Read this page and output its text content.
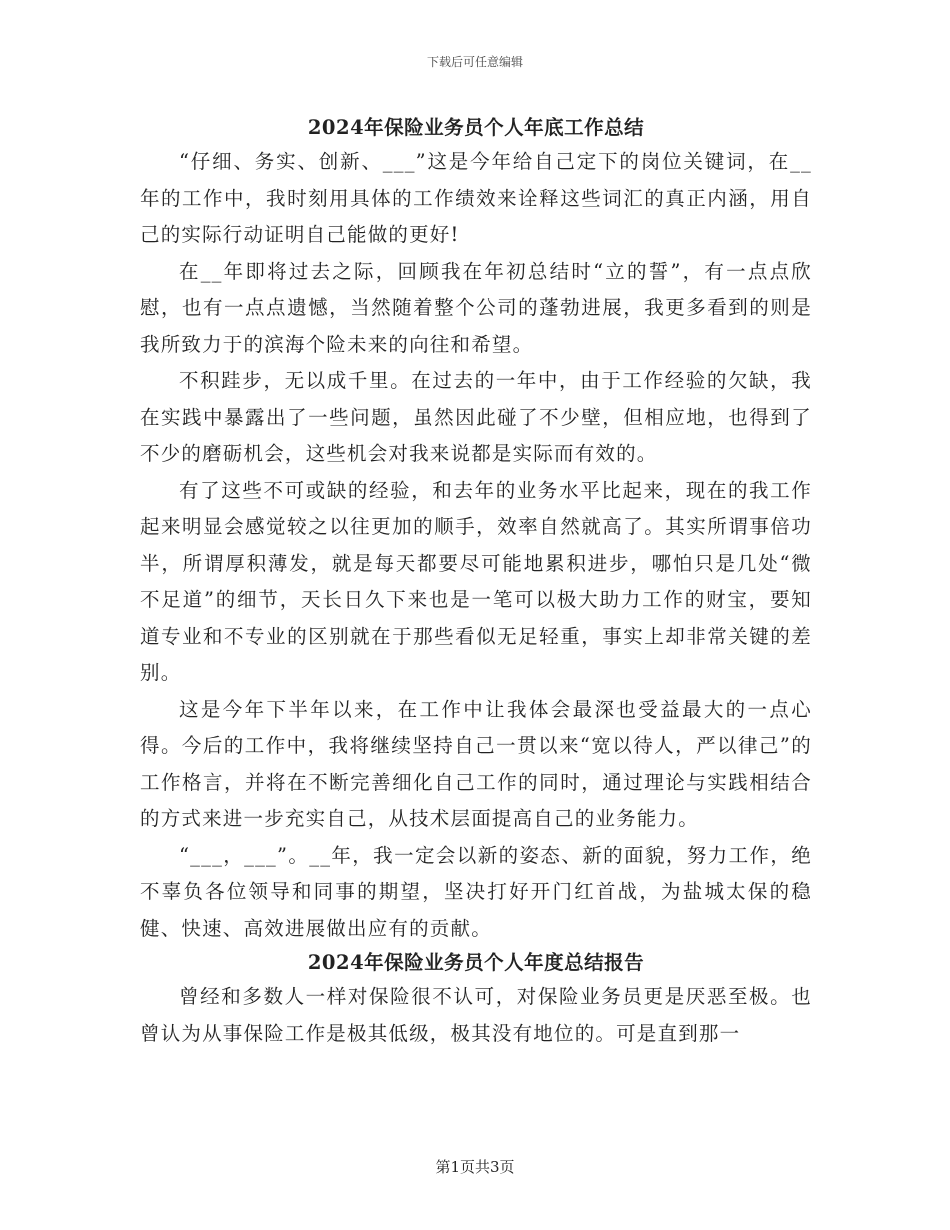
下载后可任意编辑
2024年保险业务员个人年底工作总结

“仔细、务实、创新、___”这是今年给自己定下的岗位关键词，在__年的工作中，我时刻用具体的工作绩效来诠释这些词汇的真正内涵，用自己的实际行动证明自己能做的更好!

在__年即将过去之际，回顾我在年初总结时“立的誓”，有一点点欣慰，也有一点点遗憾，当然随着整个公司的蓬勃进展，我更多看到的则是我所致力于的滨海个险未来的向往和希望。

不积跬步，无以成千里。在过去的一年中，由于工作经验的欠缺，我在实践中暴露出了一些问题，虽然因此碰了不少壁，但相应地，也得到了不少的磨砺机会，这些机会对我来说都是实际而有效的。

有了这些不可或缺的经验，和去年的业务水平比起来，现在的我工作起来明显会感觉较之以往更加的顺手，效率自然就高了。其实所谓事倍功半，所谓厚积薄发，就是每天都要尽可能地累积进步，哪怕只是几处“微不足道”的细节，天长日久下来也是一笔可以极大助力工作的财宝，要知道专业和不专业的区别就在于那些看似无足轻重，事实上却非常关键的差别。

这是今年下半年以来，在工作中让我体会最深也受益最大的一点心得。今后的工作中，我将继续坚持自己一贯以来“宽以待人，严以律己”的工作格言，并将在不断完善细化自己工作的同时，通过理论与实践相结合的方式来进一步充实自己，从技术层面提高自己的业务能力。

“___，___”。__年，我一定会以新的姿态、新的面貌，努力工作，绝不辜负各位领导和同事的期望，坚决打好开门红首战，为盐城太保的稳健、快速、高效进展做出应有的贡献。

2024年保险业务员个人年度总结报告

曾经和多数人一样对保险很不认可，对保险业务员更是厌恶至极。也曾认为从事保险工作是极其低级，极其没有地位的。可是直到那一

第1页共3页
